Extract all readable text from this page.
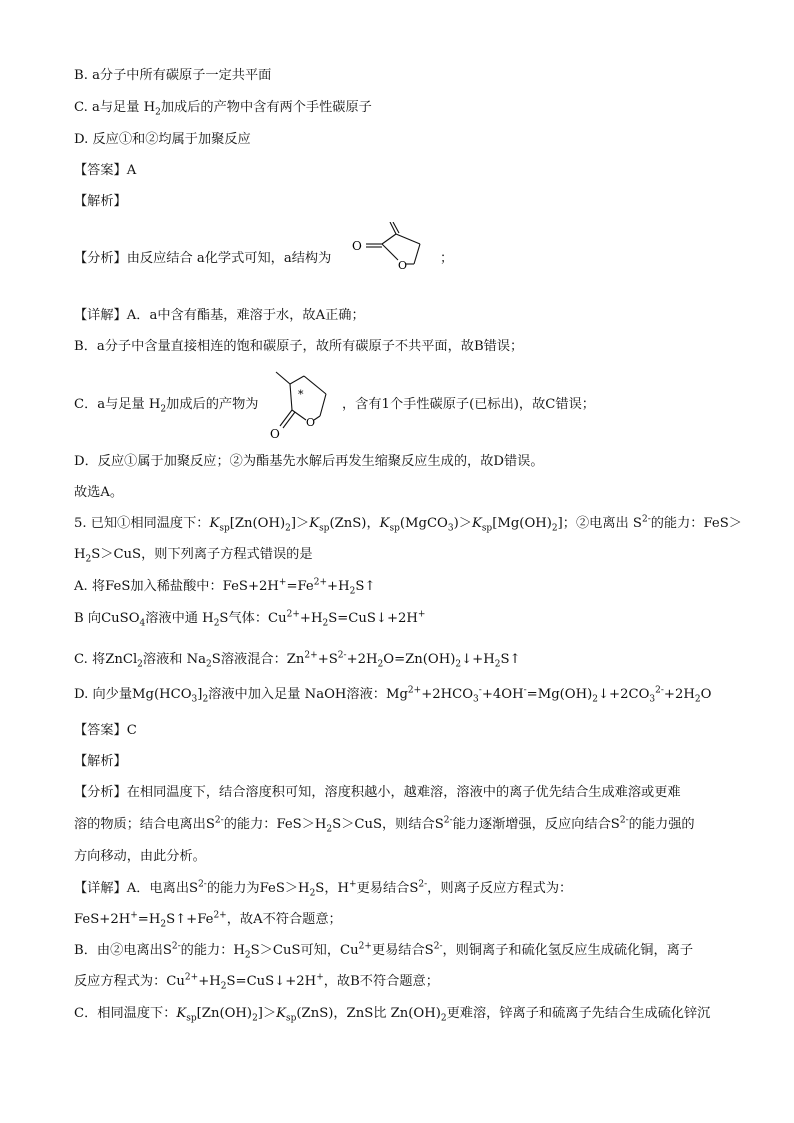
B. a分子中所有碳原子一定共平面
C. a与足量 $H_2$加成后的产物中含有两个手性碳原子
D. 反应①和②均属于加聚反应
【答案】A
【解析】
【分析】由反应结合 a化学式可知，a结构为
O
O ；
【详解】A．a中含有酯基，难溶于水，故A正确；
B．a分子中含量直接相连的饱和碳原子，故所有碳原子不共平面，故B错误；
C．a与足量 $H_2$加成后的产物为
*
O
O
，含有1个手性碳原子(已标出)，故C错误；
D．反应①属于加聚反应；②为酯基先水解后再发生缩聚反应生成的，故D错误。
故选A。
5. 已知①相同温度下：$K_{sp}[Zn(OH)_2]>K_{sp}(ZnS)$，$K_{sp}(MgCO_3)>K_{sp}[Mg(OH)_2]$；②电离出 $S^{2-}$的能力：FeS＞
$H_2S>CuS$，则下列离子方程式错误的是
A. 将FeS加入稀盐酸中：$FeS+2H^+=Fe^{2+}+H_2S↑$
B 向CuSO$_4$溶液中通 $H_2S$气体：$Cu^{2+}+H_2S=CuS↓+2H^+$
C. 将ZnCl$_2$溶液和 $Na_2S$溶液混合：$Zn^{2+}+S^{2-}+2H_2O=Zn(OH)_2↓+H_2S↑$
D. 向少量$Mg(HCO_3]_2$溶液中加入足量 NaOH溶液：$Mg^{2+}+2HCO_3^-+4OH^-=Mg(OH)_2↓+2CO_3^{2-}+2H_2O$
【答案】C
【解析】
【分析】在相同温度下，结合溶度积可知，溶度积越小，越难溶，溶液中的离子优先结合生成难溶或更难
溶的物质；结合电离出$S^{2-}$的能力：$FeS>H_2S>CuS$，则结合$S^{2-}$能力逐渐增强，反应向结合$S^{2-}$的能力强的
方向移动，由此分析。
【详解】A．电离出$S^{2-}$的能力为$FeS>H_2S$，H+更易结合$S^{2-}$，则离子反应方程式为：
$FeS+2H^+=H_2S↑+Fe^{2+}$，故A不符合题意；
B．由②电离出$S^{2-}$的能力：$H_2S>CuS$可知，$Cu^{2+}$更易结合$S^{2-}$，则铜离子和硫化氢反应生成硫化铜，离子
反应方程式为：$Cu^{2+}+H_2S=CuS↓+2H^+$，故B不符合题意；
C．相同温度下：$K_{sp}[Zn(OH)_2]>K_{sp}(ZnS)$，ZnS比 $Zn(OH)_2$更难溶，锌离子和硫离子先结合生成硫化锌沉
